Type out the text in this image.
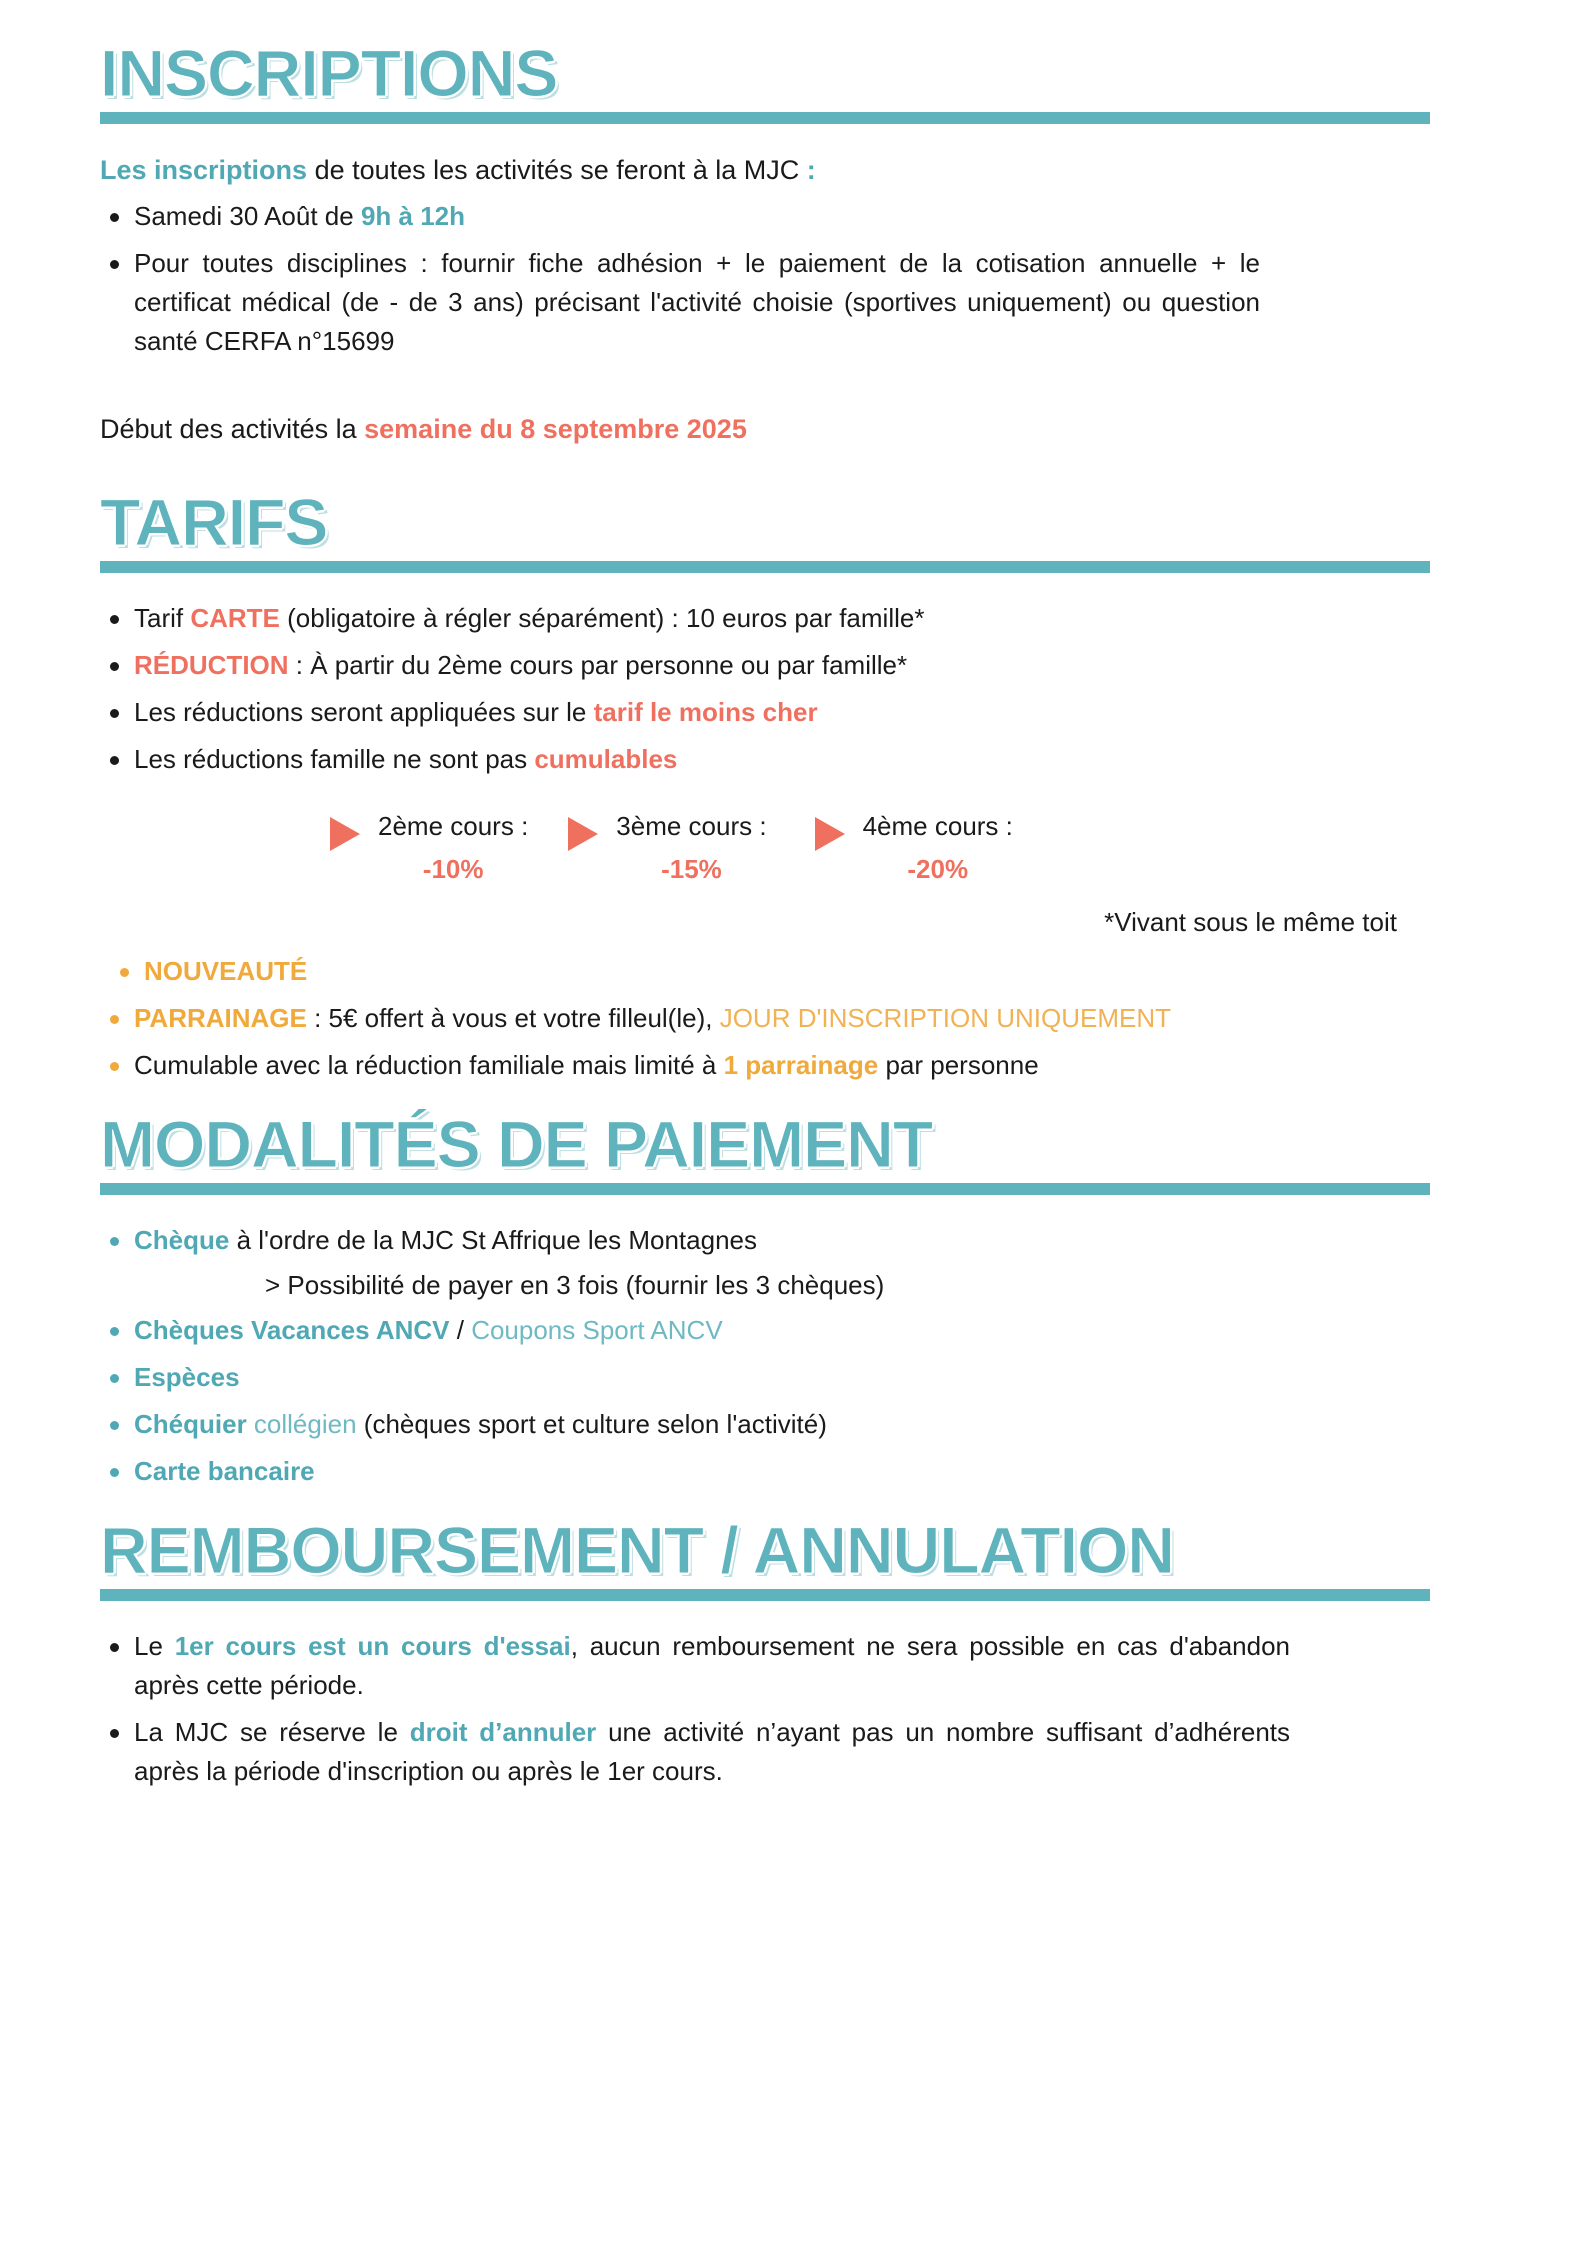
INSCRIPTIONS

Les inscriptions de toutes les activités se feront à la MJC :

Samedi 30 Août de 9h à 12h
Pour toutes disciplines : fournir fiche adhésion + le paiement de la cotisation annuelle + le certificat médical (de - de 3 ans) précisant l'activité choisie (sportives uniquement) ou question santé CERFA n°15699

Début des activités la semaine du 8 septembre 2025

TARIFS
Tarif CARTE (obligatoire à régler séparément) : 10 euros par famille*
RÉDUCTION : À partir du 2ème cours par personne ou par famille*
Les réductions seront appliquées sur le tarif le moins cher
Les réductions famille ne sont pas cumulables
2ème cours :
-10%
3ème cours :
-15%
4ème cours :
-20%

*Vivant sous le même toit

NOUVEAUTÉ
PARRAINAGE : 5€ offert à vous et votre filleul(le), JOUR D'INSCRIPTION UNIQUEMENT
Cumulable avec la réduction familiale mais limité à 1 parrainage par personne
MODALITÉS DE PAIEMENT
Chèque à l'ordre de la MJC St Affrique les Montagnes

> Possibilité de payer en 3 fois (fournir les 3 chèques)

Chèques Vacances ANCV / Coupons Sport ANCV
Espèces
Chéquier collégien (chèques sport et culture selon l'activité)
Carte bancaire
REMBOURSEMENT / ANNULATION
Le 1er cours est un cours d'essai, aucun remboursement ne sera possible en cas d'abandon après cette période.
La MJC se réserve le droit d’annuler une activité n’ayant pas un nombre suffisant d’adhérents après la période d'inscription ou après le 1er cours.
